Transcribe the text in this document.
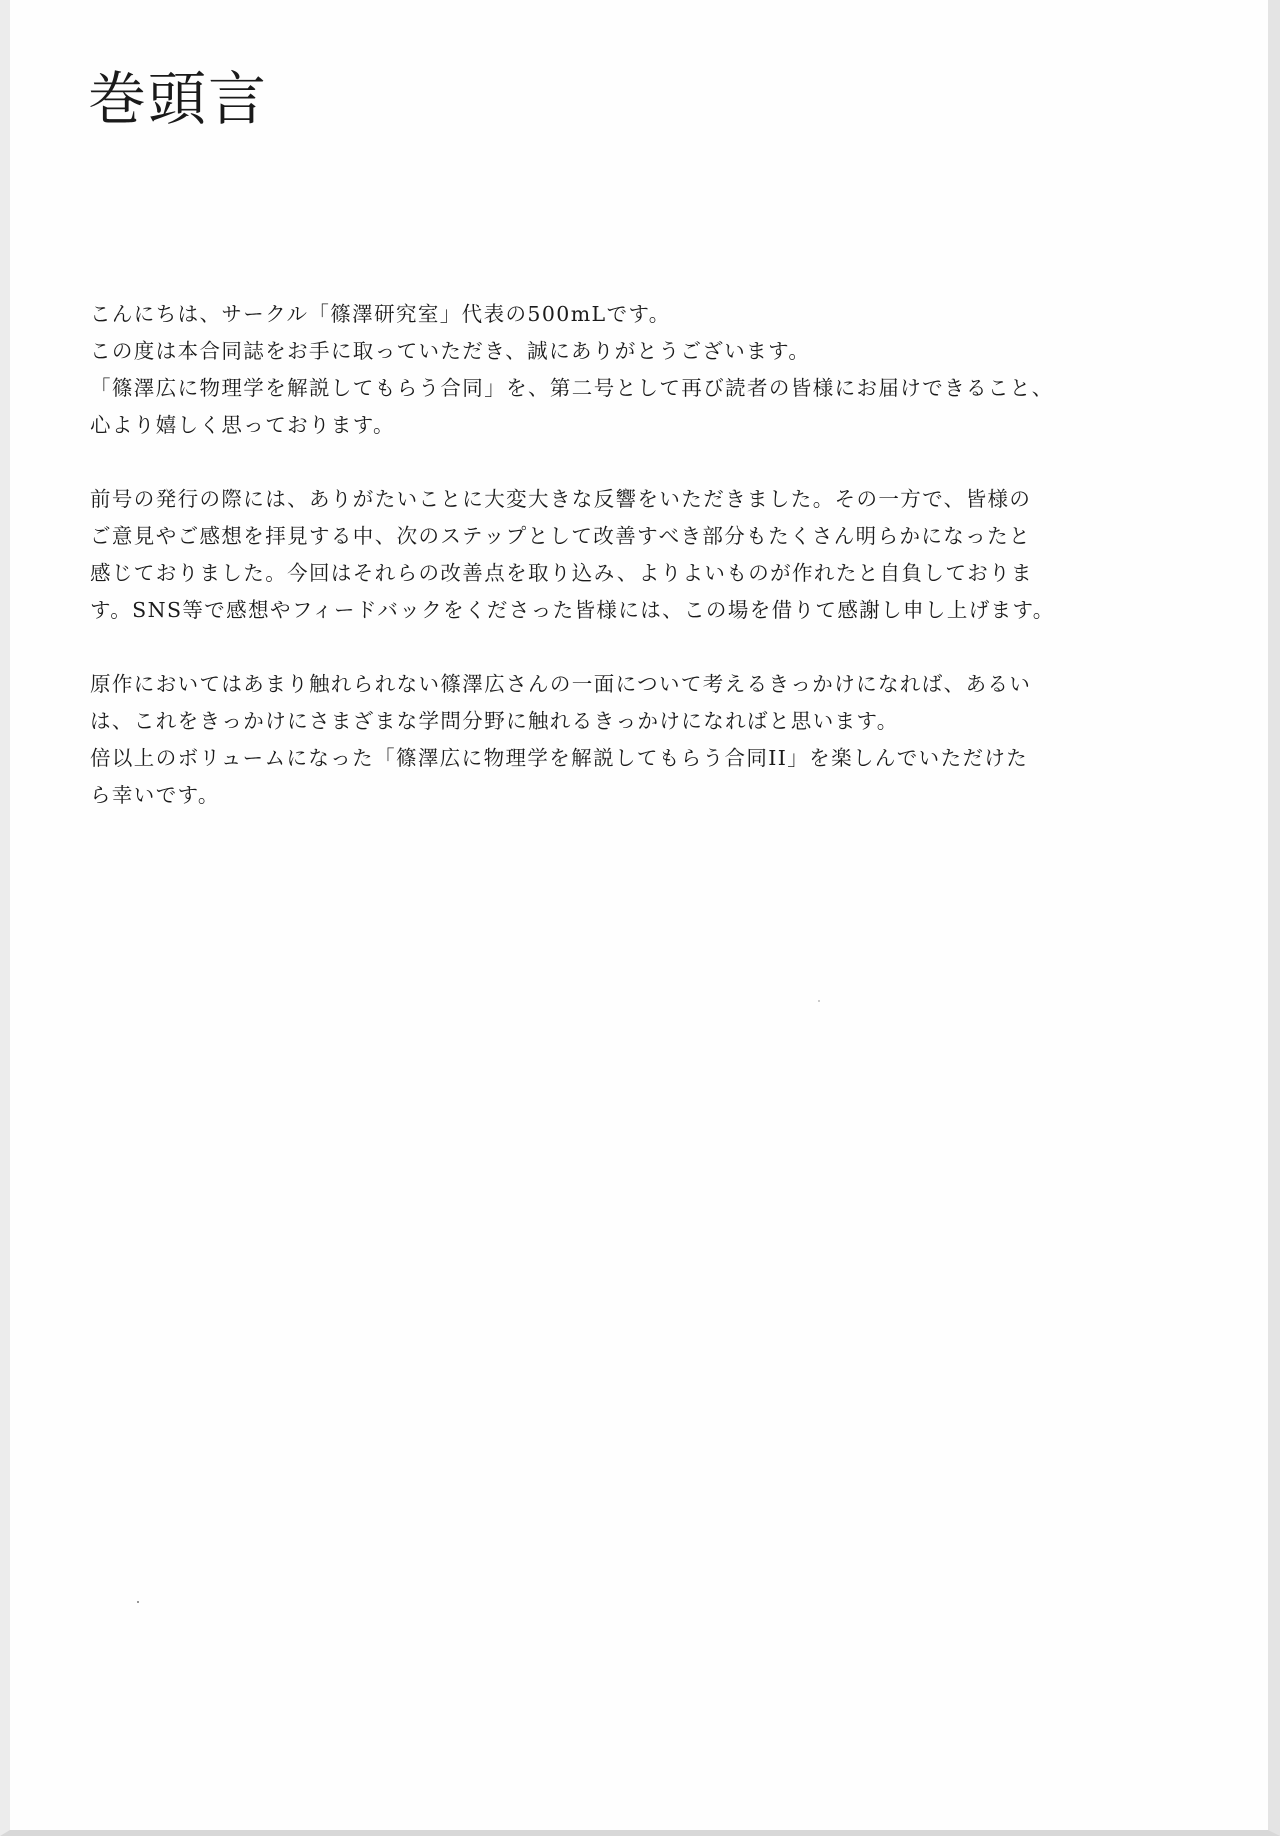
巻頭言

こんにちは、サークル「篠澤研究室」代表の500mLです。
この度は本合同誌をお手に取っていただき、誠にありがとうございます。
「篠澤広に物理学を解説してもらう合同」を、第二号として再び読者の皆様にお届けできること、
心より嬉しく思っております。

前号の発行の際には、ありがたいことに大変大きな反響をいただきました。その一方で、皆様の
ご意見やご感想を拝見する中、次のステップとして改善すべき部分もたくさん明らかになったと
感じておりました。今回はそれらの改善点を取り込み、よりよいものが作れたと自負しておりま
す。SNS等で感想やフィードバックをくださった皆様には、この場を借りて感謝し申し上げます。

原作においてはあまり触れられない篠澤広さんの一面について考えるきっかけになれば、あるい
は、これをきっかけにさまざまな学問分野に触れるきっかけになればと思います。
倍以上のボリュームになった「篠澤広に物理学を解説してもらう合同II」を楽しんでいただけた
ら幸いです。
